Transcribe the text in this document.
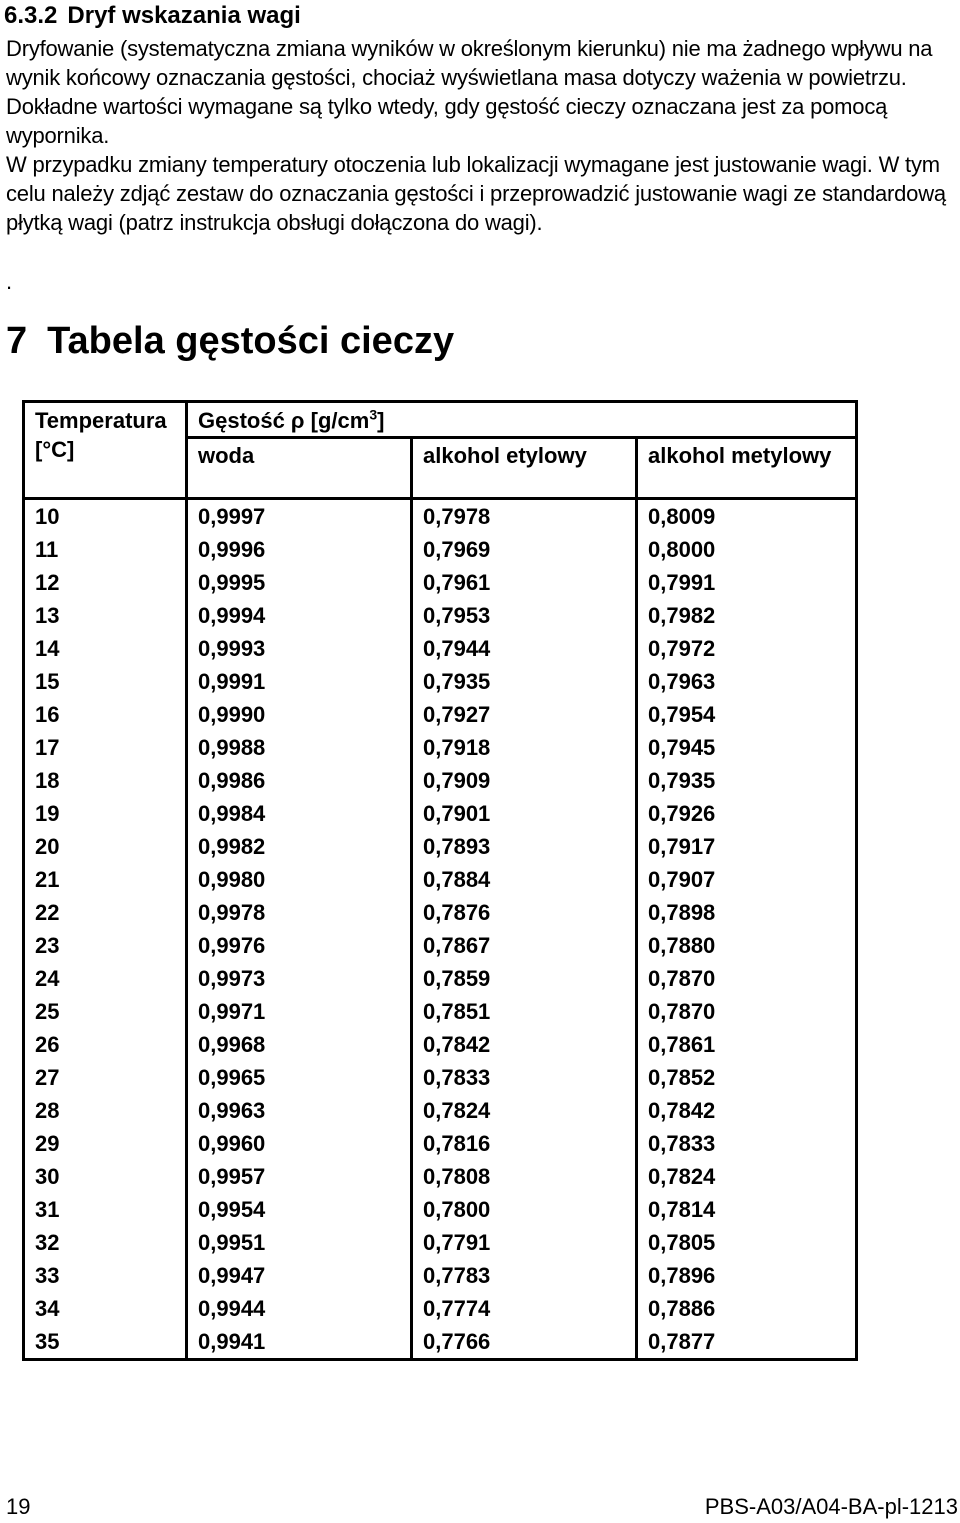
6.3.2 Dryf wskazania wagi

Dryfowanie (systematyczna zmiana wyników w określonym kierunku) nie ma żadnego wpływu na wynik końcowy oznaczania gęstości, chociaż wyświetlana masa dotyczy ważenia w powietrzu. Dokładne wartości wymagane są tylko wtedy, gdy gęstość cieczy oznaczana jest za pomocą wypornika.

W przypadku zmiany temperatury otoczenia lub lokalizacji wymagane jest justowanie wagi. W tym celu należy zdjąć zestaw do oznaczania gęstości i przeprowadzić justowanie wagi ze standardową płytką wagi (patrz instrukcja obsługi dołączona do wagi).

.

7 Tabela gęstości cieczy
Temperatura [°C]	Gęstość ρ $[g/cm^3]$		
	woda	alkohol etylowy	alkohol metylowy
10	0,9997	0,7978	0,8009
11	0,9996	0,7969	0,8000
12	0,9995	0,7961	0,7991
13	0,9994	0,7953	0,7982
14	0,9993	0,7944	0,7972
15	0,9991	0,7935	0,7963
16	0,9990	0,7927	0,7954
17	0,9988	0,7918	0,7945
18	0,9986	0,7909	0,7935
19	0,9984	0,7901	0,7926
20	0,9982	0,7893	0,7917
21	0,9980	0,7884	0,7907
22	0,9978	0,7876	0,7898
23	0,9976	0,7867	0,7880
24	0,9973	0,7859	0,7870
25	0,9971	0,7851	0,7870
26	0,9968	0,7842	0,7861
27	0,9965	0,7833	0,7852
28	0,9963	0,7824	0,7842
29	0,9960	0,7816	0,7833
30	0,9957	0,7808	0,7824
31	0,9954	0,7800	0,7814
32	0,9951	0,7791	0,7805
33	0,9947	0,7783	0,7896
34	0,9944	0,7774	0,7886
35	0,9941	0,7766	0,7877
19	PBS-A03/A04-BA-pl-1213
